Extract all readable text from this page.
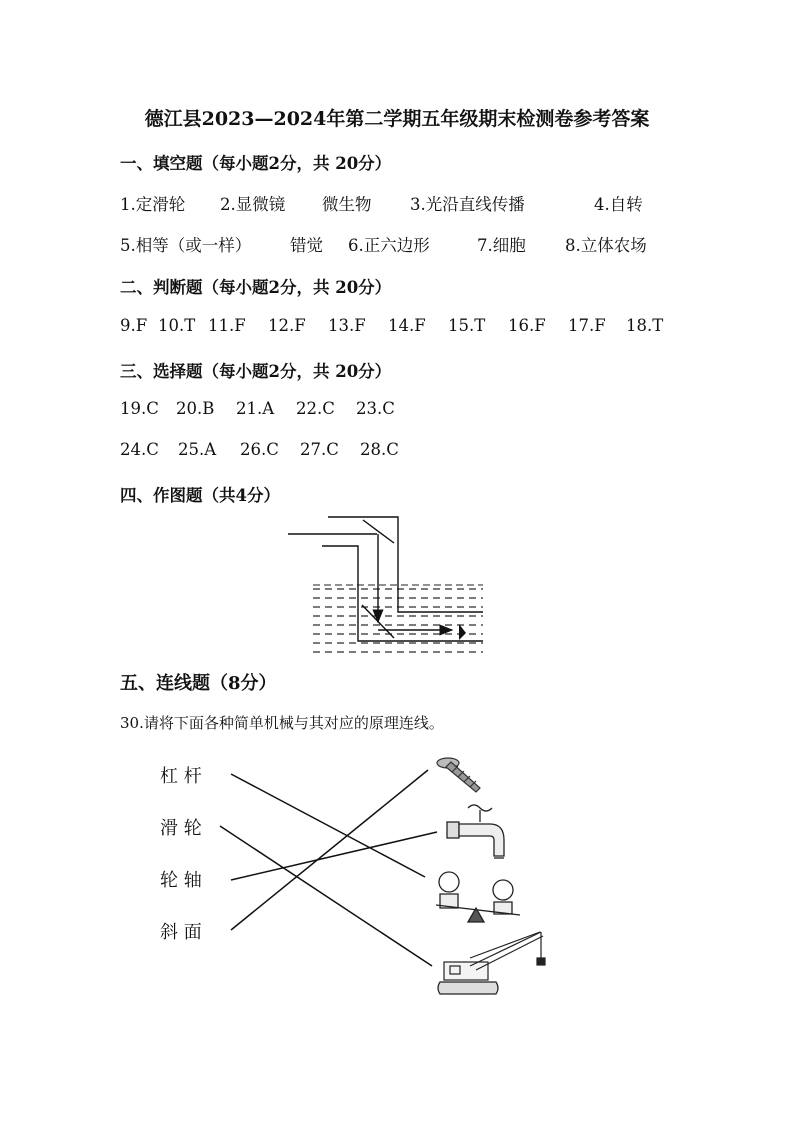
德江县2023—2024年第二学期五年级期末检测卷参考答案
一、填空题（每小题2分，共 20分）
1.定滑轮 2.显微镜 微生物 3.光沿直线传播	4.自转
5.相等（或一样） 错觉 6.正六边形	7.细胞 8.立体农场
二、判断题（每小题2分，共 20分）
9.F 10.T 11.F 12.F 13.F 14.F 15.T 16.F 17.F 18.T
三、选择题（每小题2分，共 20分）
19.C 20.B 21.A 22.C 23.C
24.C 25.A 26.C 27.C 28.C
四、作图题（共4分）
五、连线题（8分）
30.请将下面各种简单机械与其对应的原理连线。
杠 杆
滑 轮
轮 轴
斜 面
